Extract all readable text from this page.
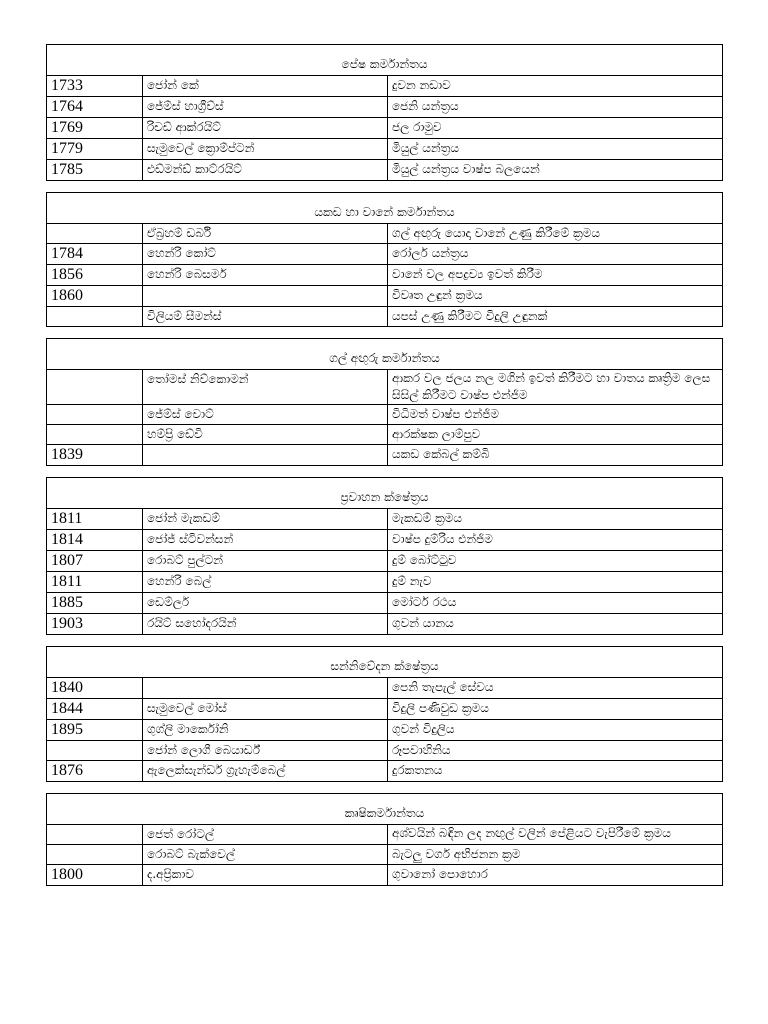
පේෂ කර්මාන්තය		
1733	ජෝන් කේ	දුවන නඩාව
1764	ජේම්ස් හාග්‍රීව්ස්	ජෙනි යන්ත්‍රය
1769	රිචඩ් ආක්රයිට්	ජල රාමුව
1779	සැමුවෙල් ක්‍රොම්ප්ටන්	මියුල් යන්ත්‍රය
1785	එඩ්මන්ඩ් කාට්රයිට්	මියුල් යන්ත්‍රය වාෂ්ප බලයෙන්
යකඩ හා වානේ කර්මාන්තය		
	ඒබ්‍රහම් ඩර්බි	ගල් අඟුරු යොදා වානේ උණු කිරීමේ ක්‍රමය
1784	හෙන්රි කෝට්	රෝලර් යන්ත්‍රය
1856	හෙන්රි බෙසමර්	වානේ වල අපද්‍රව්‍ය ඉවත් කිරීම
1860		විවෘත උඳුන් ක්‍රමය
	විලියම් සීමන්ස්	යපස් උණු කිරීමට විදුලි උඳුනක්
ගල් අඟුරු කර්මාන්තය		
	තෝමස් නිව්කොමන්	ආකර වල ජලය නල මගින් ඉවත් කිරීමට හා වාතය කෘත්‍රිම ලෙස සිසිල් කිරීමට වාෂ්ප එන්ජිම
	ජේම්ස් වොට්	විධිමත් වාෂ්ප එන්ජිම
	හම්ප්‍රි ඩේවි	ආරක්ෂක ලාම්පුව
1839		යකඩ කේබල් කම්බි
ප්‍රවාහන ක්ෂේත්‍රය		
1811	ජෝන් මැකඩම්	මැකඩම් ක්‍රමය
1814	ජෝජ් ස්ටිවන්සන්	වාෂ්ප දුම්රිය එන්ජිම
1807	රොබට් පුල්ටන්	දුම් බෝට්ටුව
1811	හෙන්රි බෙල්	දුම් නැව
1885	ඩෙම්ලර්	මෝටර් රථය
1903	රයිට් සහෝදරයින්	ගුවන් යානය
සන්නිවේදන ක්ෂේත්‍රය		
1840		පෙනි තැපැල් සේවය
1844	සැමුවෙල් මෝස්	විදුලි පණිවුඩ ක්‍රමය
1895	ගුග්ලි මාර්කෝනි	ගුවන් විදුලිය
	ජෝන් ලොගී බෙයාර්ඩ්	රූපවාහිනිය
1876	ඇලෙක්සැන්ඩර් ග්‍රැහැම්බෙල්	දුරකතනය
කෘෂිකර්මාන්තය		
	ජෙත් රෝටල්	අශ්වයින් බඳින ලද නඟුල් වලින් පේළියට වැපිරීමේ ක්‍රමය
	රොබට් බැක්වෙල්	බැටලු වර්ග අභිජනන ක්‍රම
1800	ද.අප්‍රිකාව	ගුවානෝ පොහොර
